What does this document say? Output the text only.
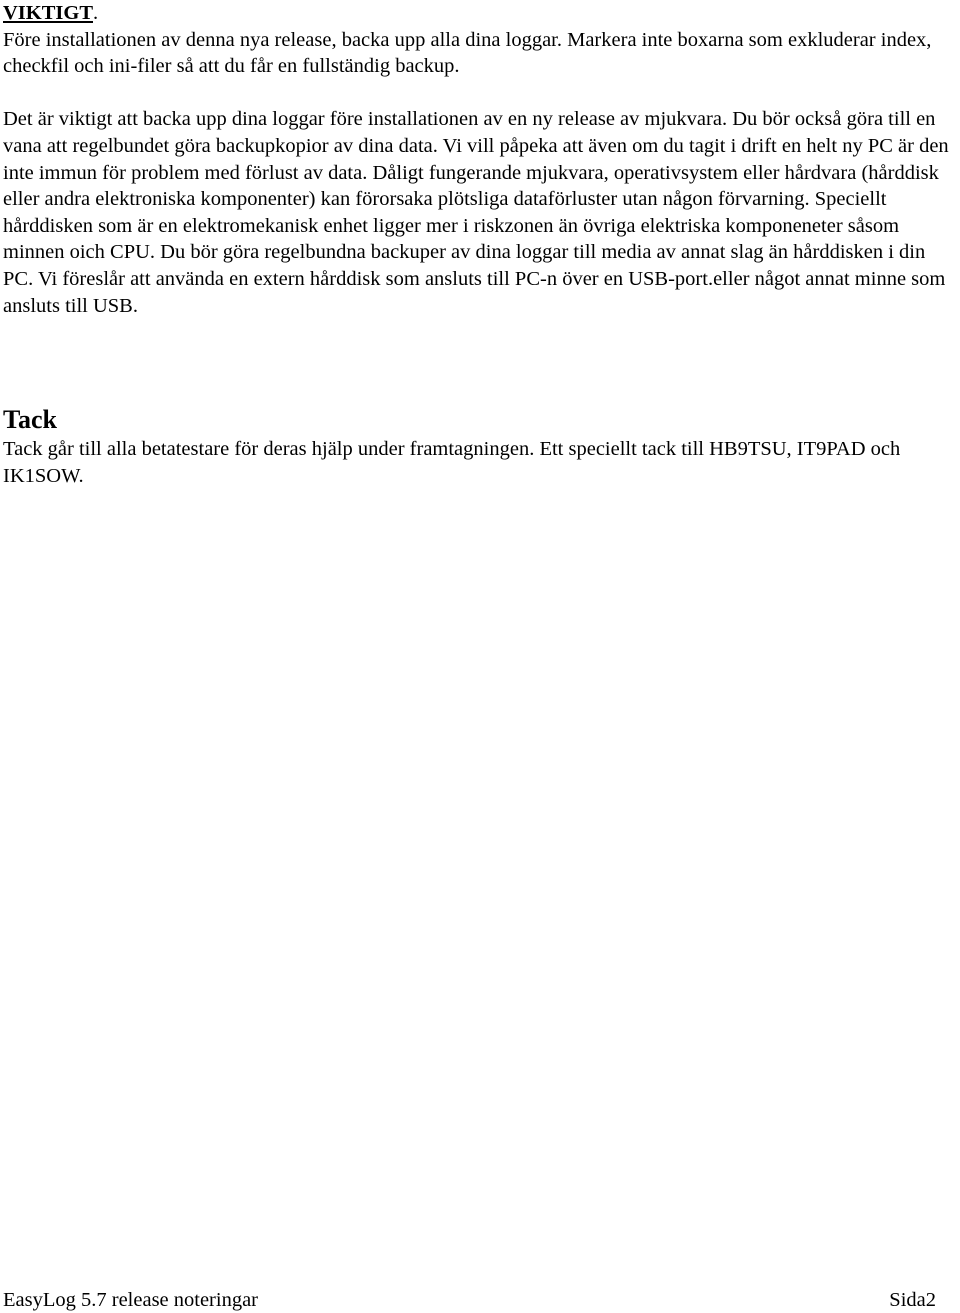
VIKTIGT.

Före installationen av denna nya release, backa upp alla dina loggar. Markera inte boxarna som exkluderar index, checkfil och ini-filer så att du får en fullständig backup.

Det är viktigt att backa upp dina loggar före installationen av en ny release av mjukvara. Du bör också göra till en vana att regelbundet göra backupkopior av dina data. Vi vill påpeka att även om du tagit i drift en helt ny PC är den inte immun för problem med förlust av data. Dåligt fungerande mjukvara, operativsystem eller hårdvara (hårddisk eller andra elektroniska komponenter) kan förorsaka plötsliga dataförluster utan någon förvarning. Speciellt hårddisken som är en elektromekanisk enhet ligger mer i riskzonen än övriga elektriska komponeneter såsom minnen oich CPU. Du bör göra regelbundna backuper av dina loggar till media av annat slag än hårddisken i din PC. Vi föreslår att använda en extern hårddisk som ansluts till PC-n över en USB-port.eller något annat minne som ansluts till USB.

Tack

Tack går till alla betatestare för deras hjälp under framtagningen. Ett speciellt tack till HB9TSU, IT9PAD och IK1SOW.

EasyLog 5.7 release noteringar	Sida2
